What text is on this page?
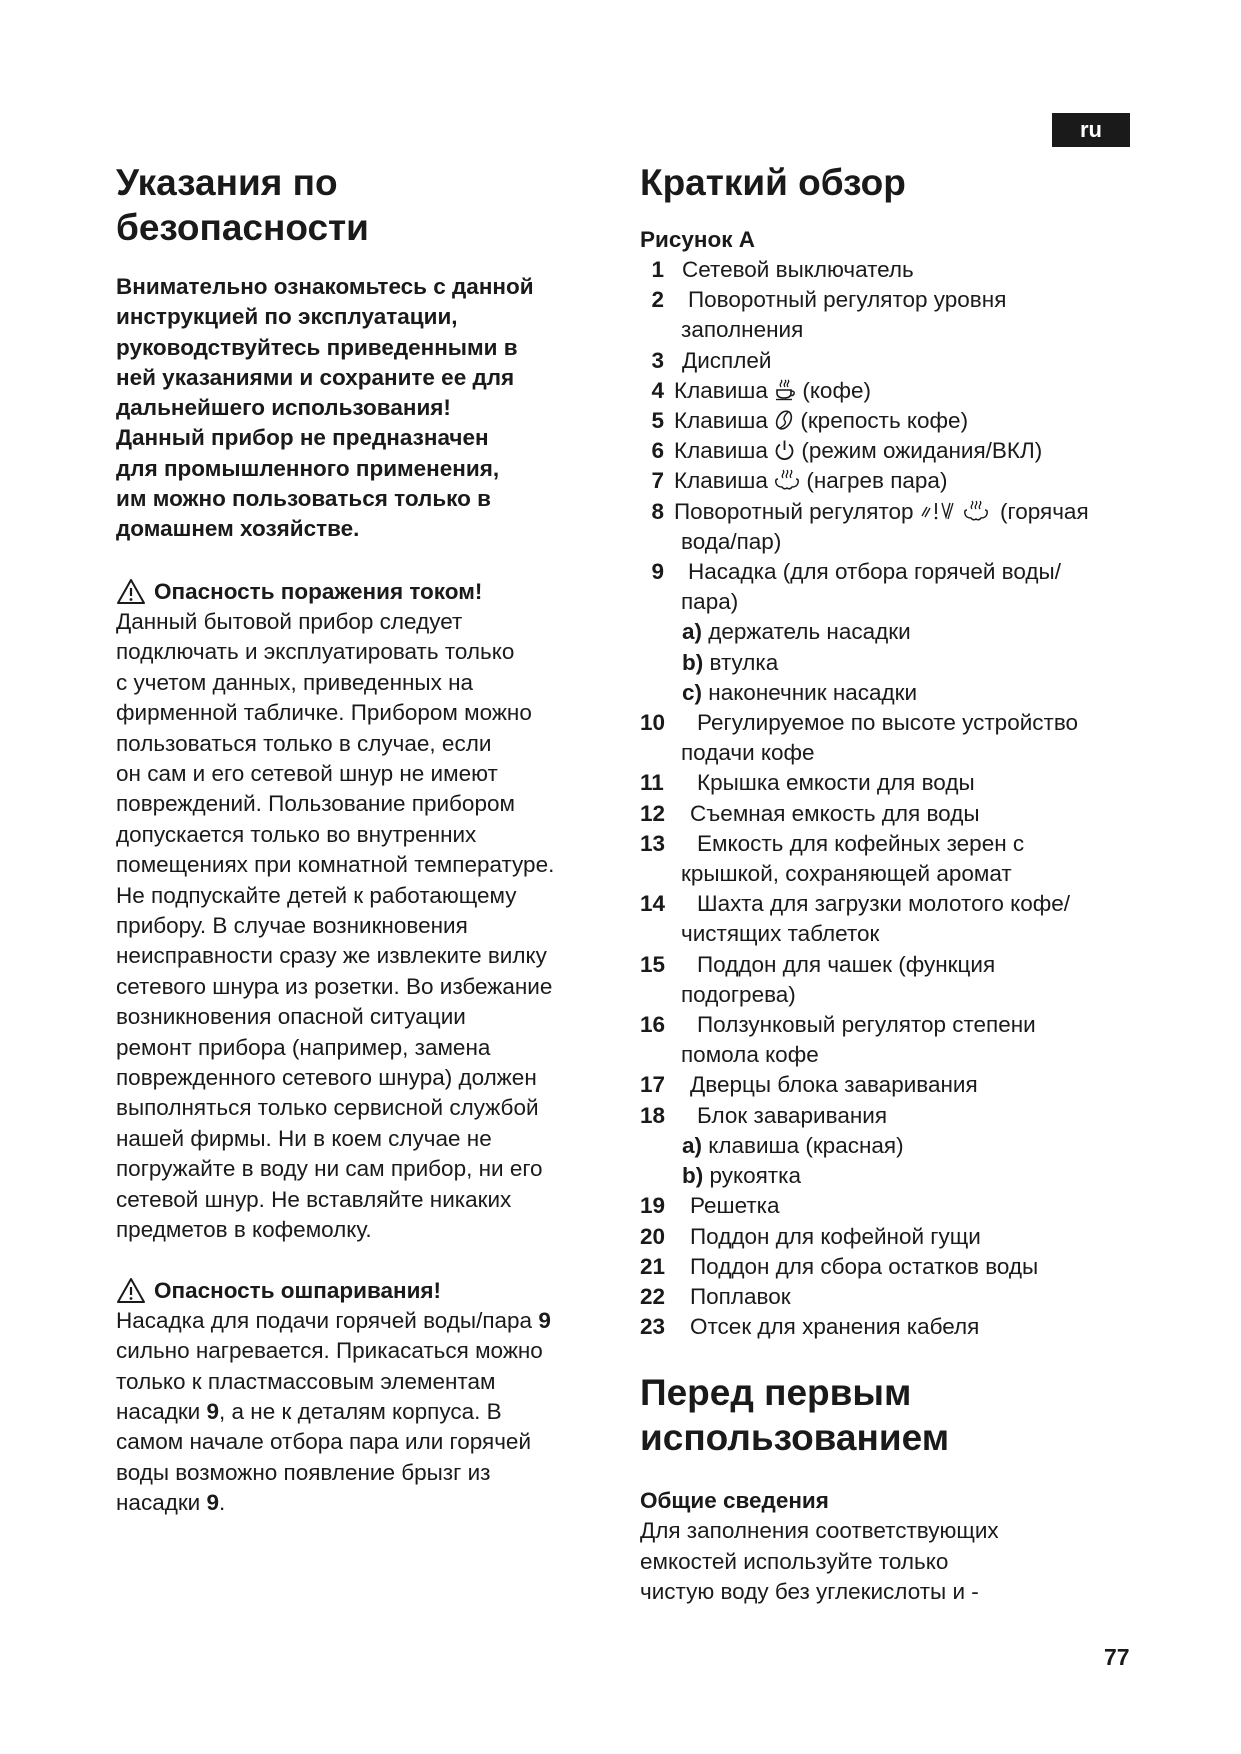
ru
Указания по
безопасности
Внимательно ознакомьтесь с данной
инструкцией по эксплуатации,
руководствуйтесь приведенными в
ней указаниями и сохраните ее для
дальнейшего использования!
Данный прибор не предназначен
для промышленного применения,
им можно пользоваться только в
домашнем хозяйстве.
Опасность поражения током!
Данный бытовой прибор следует
подключать и эксплуатировать только
с учетом данных, приведенных на
фирменной табличке. Прибором можно
пользоваться только в случае, если
он сам и его сетевой шнур не имеют
повреждений. Пользование прибором
допускается только во внутренних
помещениях при комнатной температуре.
Не подпускайте детей к работающему
прибору. В случае возникновения
неисправности сразу же извлеките вилку
сетевого шнура из розетки. Во избежание
возникновения опасной ситуации
ремонт прибора (например, замена
поврежденного сетевого шнура) должен
выполняться только сервисной службой
нашей фирмы. Ни в коем случае не
погружайте в воду ни сам прибор, ни его
сетевой шнур. Не вставляйте никаких
предметов в кофемолку.
Опасность ошпаривания!
Насадка для подачи горячей воды/пара 9
сильно нагревается. Прикасаться можно
только к пластмассовым элементам
насадки 9, а не к деталям корпуса. В
самом начале отбора пара или горячей
воды возможно появление брызг из
насадки 9.
Краткий обзор
Рисунок A
1 Сетевой выключатель
2 Поворотный регулятор уровня
заполнения
3 Дисплей
4 Клавиша  (кофе)
5 Клавиша  (крепость кофе)
6 Клавиша  (режим ожидания/ВКЛ)
7 Клавиша  (нагрев пара)
8 Поворотный регулятор	(горячая
вода/пар)
9 Насадка (для отбора горячей воды/
пара)
a) держатель насадки
b) втулка
c) наконечник насадки
10 Регулируемое по высоте устройство
подачи кофе
11 Крышка емкости для воды
12 Съемная емкость для воды
13 Емкость для кофейных зерен с
крышкой, сохраняющей аромат
14 Шахта для загрузки молотого кофе/
чистящих таблеток
15 Поддон для чашек (функция
подогрева)
16 Ползунковый регулятор степени
помола кофе
17 Дверцы блока заваривания
18 Блок заваривания
a) клавиша (красная)
b) рукоятка
19 Решетка
20 Поддон для кофейной гущи
21 Поддон для сбора остатков воды
22 Поплавок
23 Отсек для хранения кабеля
Перед первым
использованием
Общие сведения
Для заполнения соответствующих
емкостей используйте только
чистую воду без углекислоты и -
77
